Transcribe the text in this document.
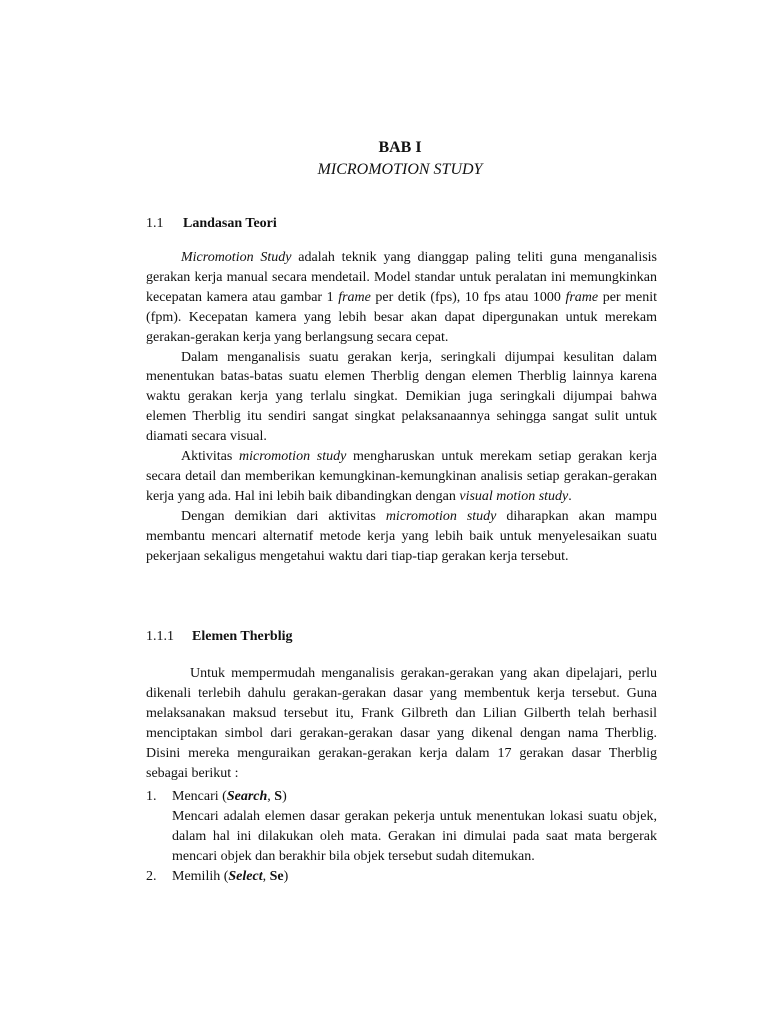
BAB I
MICROMOTION STUDY
1.1 Landasan Teori

Micromotion Study adalah teknik yang dianggap paling teliti guna menganalisis gerakan kerja manual secara mendetail. Model standar untuk peralatan ini memungkinkan kecepatan kamera atau gambar 1 frame per detik (fps), 10 fps atau 1000 frame per menit (fpm). Kecepatan kamera yang lebih besar akan dapat dipergunakan untuk merekam gerakan-gerakan kerja yang berlangsung secara cepat.

Dalam menganalisis suatu gerakan kerja, seringkali dijumpai kesulitan dalam menentukan batas-batas suatu elemen Therblig dengan elemen Therblig lainnya karena waktu gerakan kerja yang terlalu singkat. Demikian juga seringkali dijumpai bahwa elemen Therblig itu sendiri sangat singkat pelaksanaannya sehingga sangat sulit untuk diamati secara visual.

Aktivitas micromotion study mengharuskan untuk merekam setiap gerakan kerja secara detail dan memberikan kemungkinan-kemungkinan analisis setiap gerakan-gerakan kerja yang ada. Hal ini lebih baik dibandingkan dengan visual motion study.

Dengan demikian dari aktivitas micromotion study diharapkan akan mampu membantu mencari alternatif metode kerja yang lebih baik untuk menyelesaikan suatu pekerjaan sekaligus mengetahui waktu dari tiap-tiap gerakan kerja tersebut.

1.1.1 Elemen Therblig

Untuk mempermudah menganalisis gerakan-gerakan yang akan dipelajari, perlu dikenali terlebih dahulu gerakan-gerakan dasar yang membentuk kerja tersebut. Guna melaksanakan maksud tersebut itu, Frank Gilbreth dan Lilian Gilberth telah berhasil menciptakan simbol dari gerakan-gerakan dasar yang dikenal dengan nama Therblig. Disini mereka menguraikan gerakan-gerakan kerja dalam 17 gerakan dasar Therblig sebagai berikut :

1.	Mencari (Search, S)
Mencari adalah elemen dasar gerakan pekerja untuk menentukan lokasi suatu objek, dalam hal ini dilakukan oleh mata. Gerakan ini dimulai pada saat mata bergerak mencari objek dan berakhir bila objek tersebut sudah ditemukan.
2.	Memilih (Select, Se)
